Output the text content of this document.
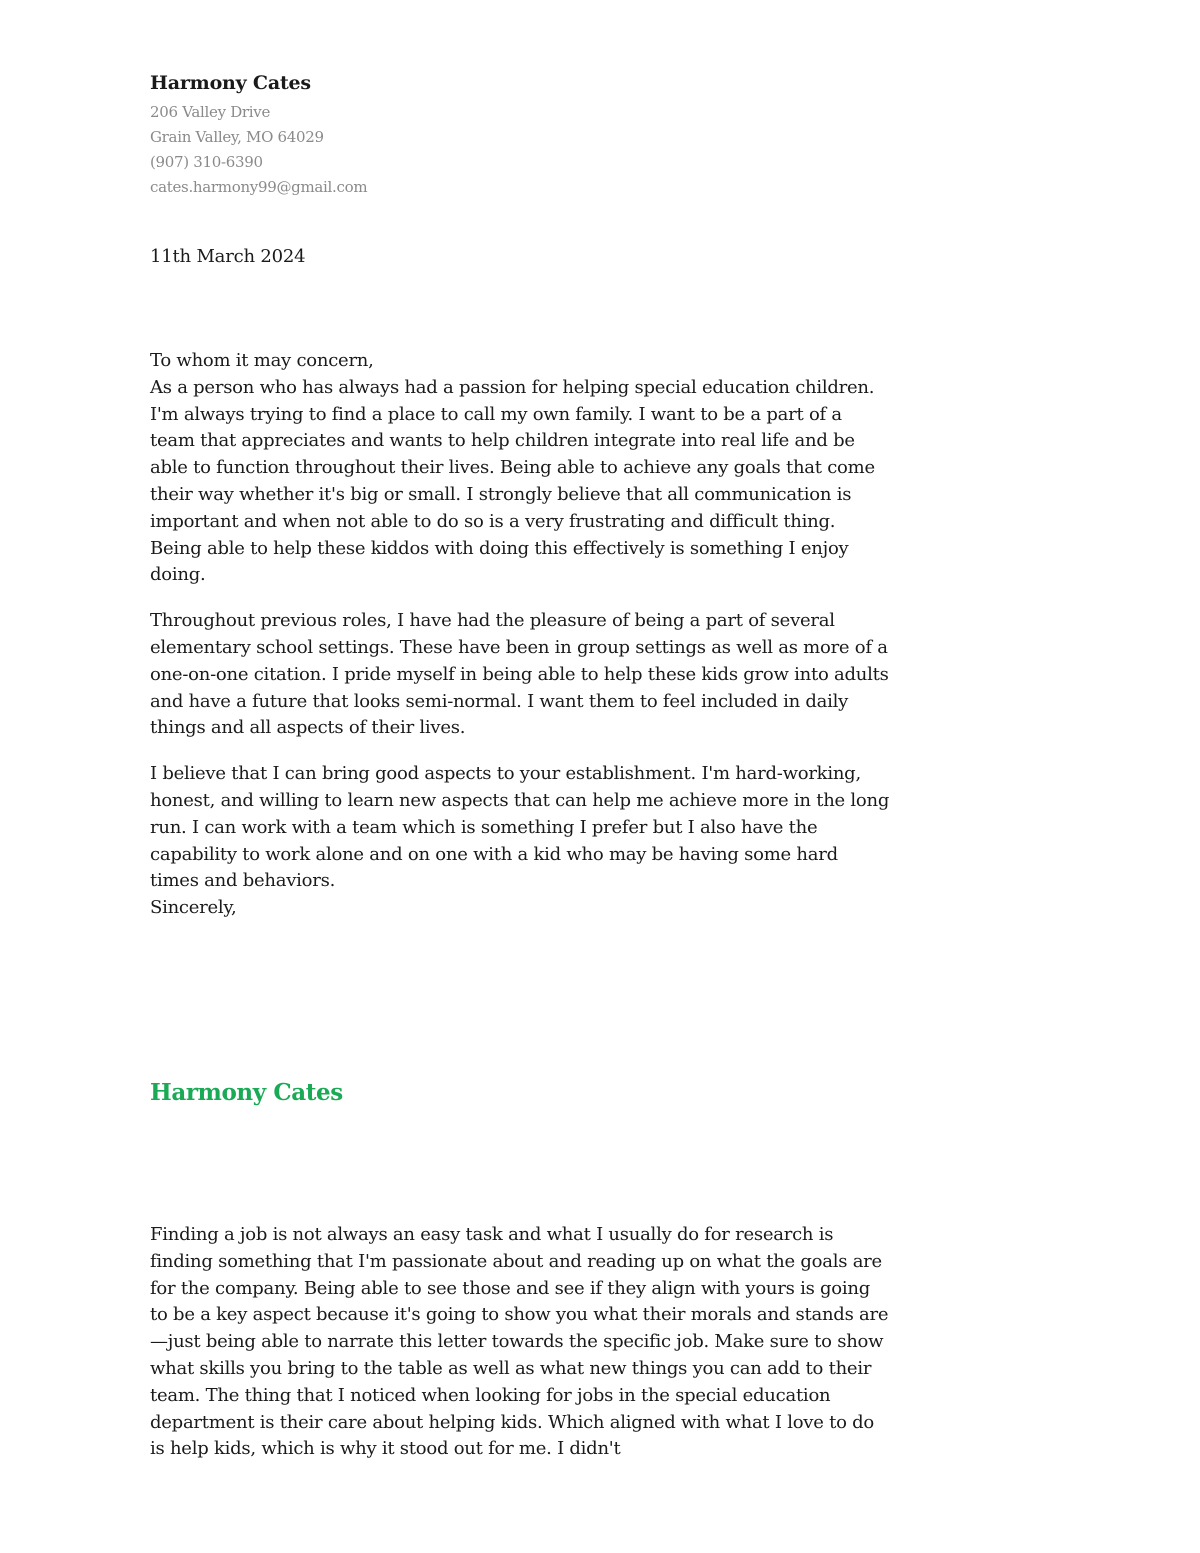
Harmony Cates
206 Valley Drive
Grain Valley, MO 64029
(907) 310-6390
cates.harmony99@gmail.com
11th March 2024

To whom it may concern,

As a person who has always had a passion for helping special education children. I'm always trying to find a place to call my own family. I want to be a part of a team that appreciates and wants to help children integrate into real life and be able to function throughout their lives. Being able to achieve any goals that come their way whether it's big or small. I strongly believe that all communication is important and when not able to do so is a very frustrating and difficult thing. Being able to help these kiddos with doing this effectively is something I enjoy doing.

Throughout previous roles, I have had the pleasure of being a part of several elementary school settings. These have been in group settings as well as more of a one-on-one citation. I pride myself in being able to help these kids grow into adults and have a future that looks semi-normal. I want them to feel included in daily things and all aspects of their lives.

I believe that I can bring good aspects to your establishment. I'm hard-working, honest, and willing to learn new aspects that can help me achieve more in the long run. I can work with a team which is something I prefer but I also have the capability to work alone and on one with a kid who may be having some hard times and behaviors.

Sincerely,

Harmony Cates

Finding a job is not always an easy task and what I usually do for research is finding something that I'm passionate about and reading up on what the goals are for the company. Being able to see those and see if they align with yours is going to be a key aspect because it's going to show you what their morals and stands are—just being able to narrate this letter towards the specific job. Make sure to show what skills you bring to the table as well as what new things you can add to their team. The thing that I noticed when looking for jobs in the special education department is their care about helping kids. Which aligned with what I love to do is help kids, which is why it stood out for me. I didn't
